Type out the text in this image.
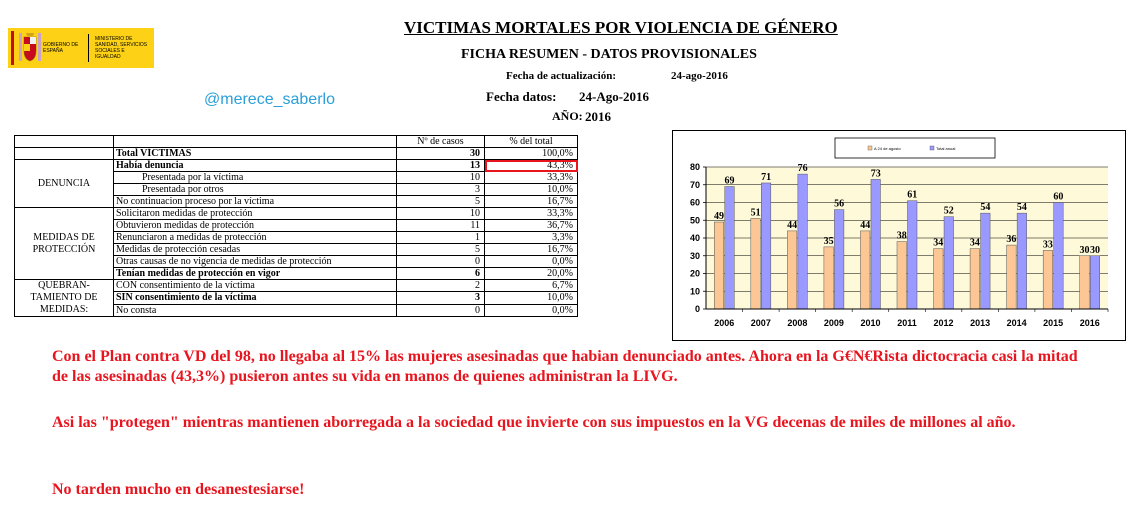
GOBIERNO DE ESPAÑA
MINISTERIO DE SANIDAD, SERVICIOS SOCIALES E IGUALDAD
VICTIMAS MORTALES POR VIOLENCIA DE GÉNERO
FICHA RESUMEN - DATOS PROVISIONALES
Fecha de actualización:	24-ago-2016
Fecha datos: 24-Ago-2016
AÑO: 2016
@merece_saberlo
		Nº de casos	% del total
	Total VÍCTIMAS	30	100,0%
DENUNCIA	Había denuncia	13	43,3%
	Presentada por la víctima	10	33,3%
	Presentada por otros	3	10,0%
	No continuacion proceso por la víctima	5	16,7%
MEDIDAS DE PROTECCIÓN	Solicitaron medidas de protección	10	33,3%
	Obtuvieron medidas de protección	11	36,7%
	Renunciaron a medidas de protección	1	3,3%
	Medidas de protección cesadas	5	16,7%
	Otras causas de no vigencia de medidas de protección	0	0,0%
	Tenían medidas de protección en vigor	6	20,0%
QUEBRAN-TAMIENTO DE MEDIDAS:	CON consentimiento de la víctima	2	6,7%
	SIN consentimiento de la víctima	3	10,0%
	No consta	0	0,0%
49
69
51
71
44
76
35
56
44
73
38
61
34
52
34
54
36
54
33
60
30 30
0
10
20
30
40
50
60
70
80
2006 2007 2008 2009 2010 2011 2012 2013 2014 2015 2016
A 24 de agosto	Total anual
Con el Plan contra VD del 98, no llegaba al 15% las mujeres asesinadas que habian denunciado antes. Ahora en la G€N€Rista dictocracia casi la mitad de las asesinadas (43,3%) pusieron antes su vida en manos de quienes administran la LIVG.
Asi las "protegen" mientras mantienen aborregada a la sociedad que invierte con sus impuestos en la VG decenas de miles de millones al año.
No tarden mucho en desanestesiarse!
